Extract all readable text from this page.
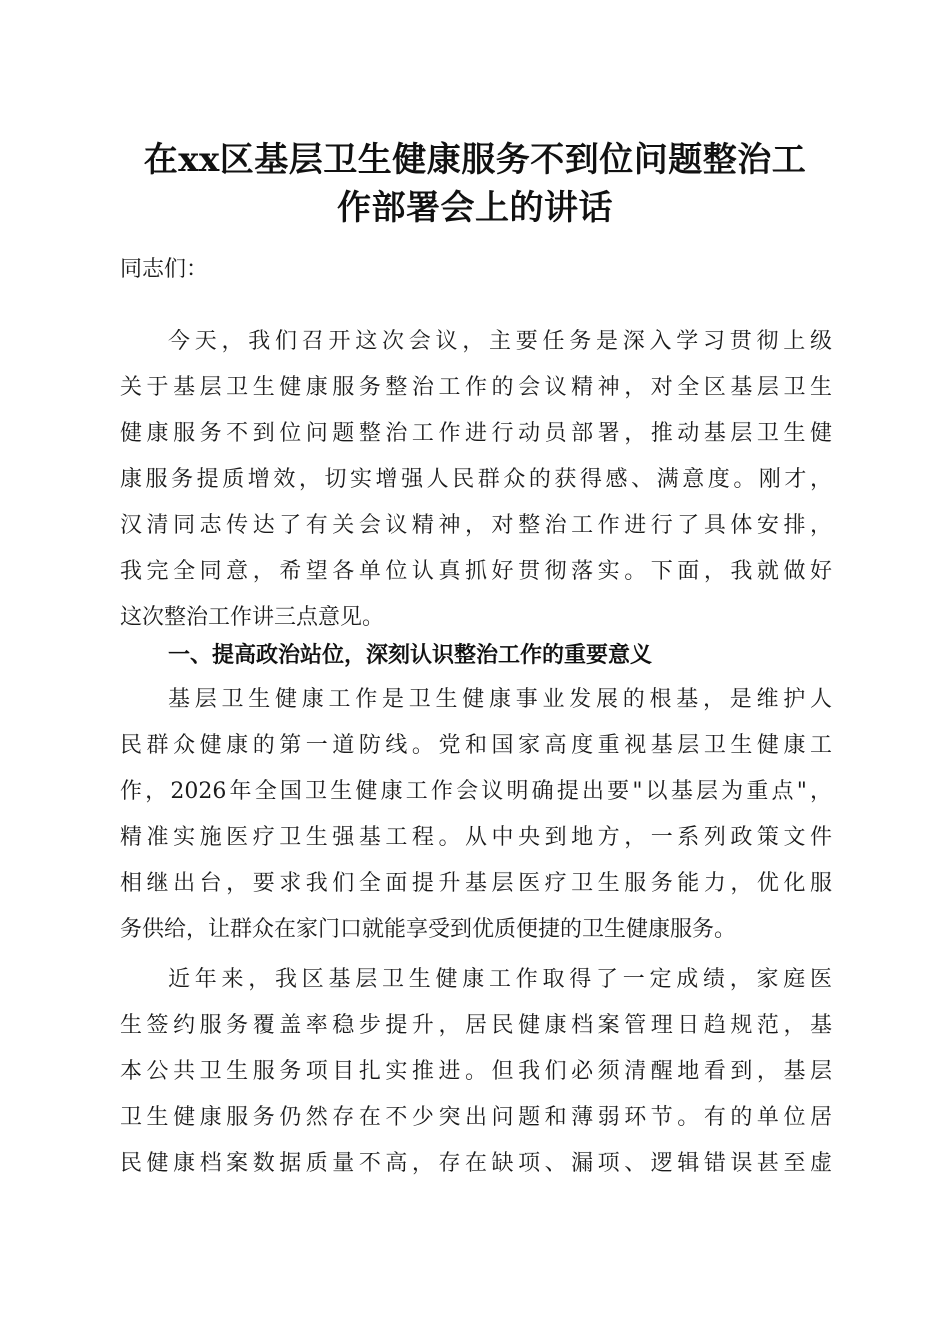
在xx区基层卫生健康服务不到位问题整治工
作部署会上的讲话
同志们：
今天，我们召开这次会议，主要任务是深入学习贯彻上级
关于基层卫生健康服务整治工作的会议精神，对全区基层卫生
健康服务不到位问题整治工作进行动员部署，推动基层卫生健
康服务提质增效，切实增强人民群众的获得感、满意度。刚才，
汉清同志传达了有关会议精神，对整治工作进行了具体安排，
我完全同意，希望各单位认真抓好贯彻落实。下面，我就做好
这次整治工作讲三点意见。
一、提高政治站位，深刻认识整治工作的重要意义
基层卫生健康工作是卫生健康事业发展的根基，是维护人
民群众健康的第一道防线。党和国家高度重视基层卫生健康工
作，2026年全国卫生健康工作会议明确提出要"以基层为重点"，
精准实施医疗卫生强基工程。从中央到地方，一系列政策文件
相继出台，要求我们全面提升基层医疗卫生服务能力，优化服
务供给，让群众在家门口就能享受到优质便捷的卫生健康服务。
近年来，我区基层卫生健康工作取得了一定成绩，家庭医
生签约服务覆盖率稳步提升，居民健康档案管理日趋规范，基
本公共卫生服务项目扎实推进。但我们必须清醒地看到，基层
卫生健康服务仍然存在不少突出问题和薄弱环节。有的单位居
民健康档案数据质量不高，存在缺项、漏项、逻辑错误甚至虚
